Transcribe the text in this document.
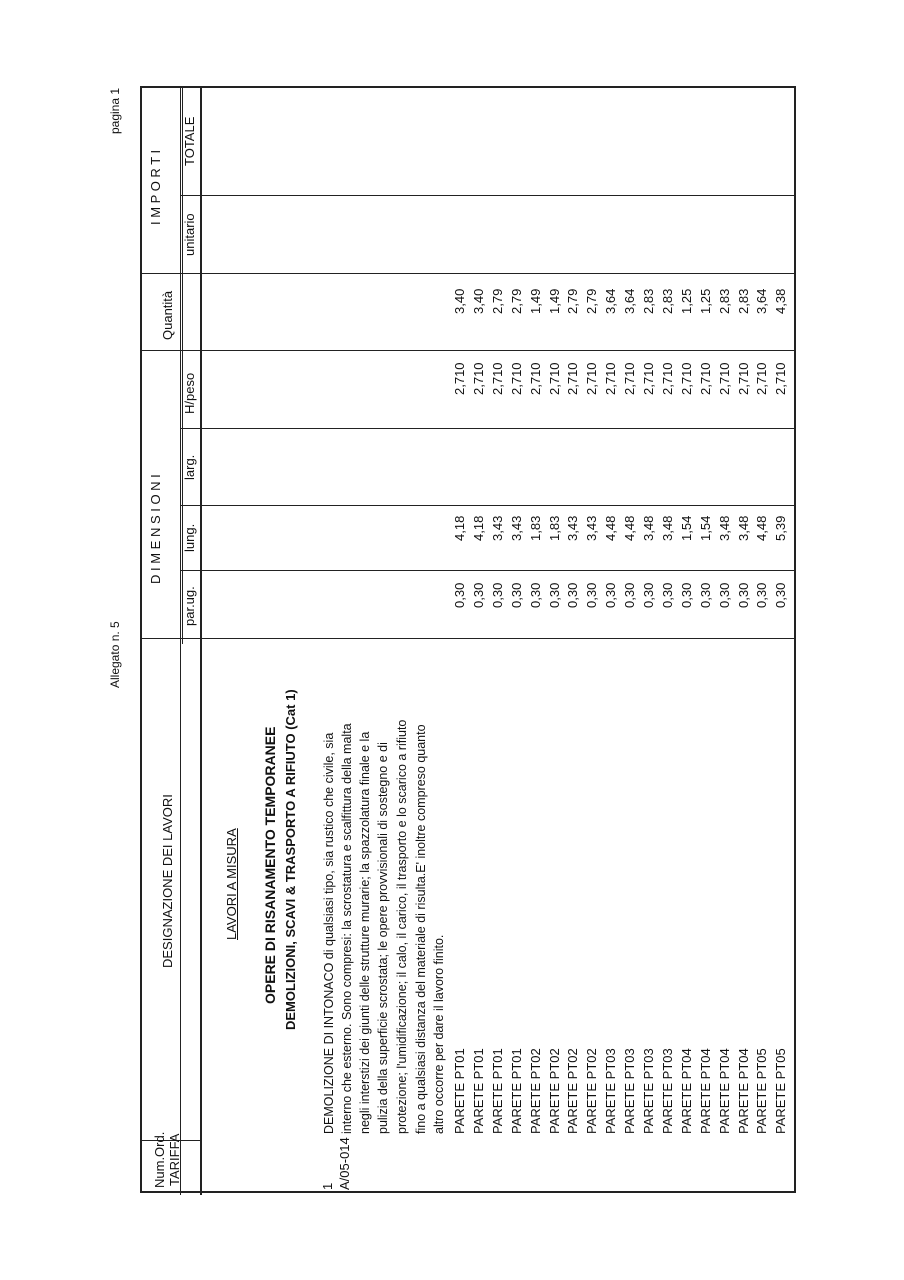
Allegato n. 5
pagina 1
Num.Ord. TARIFFA
DESIGNAZIONE DEI LAVORI
D I M E N S I O N I
par.ug.
lung.
larg.
H/peso
Quantità
I M P O R T I
unitario
TOTALE
LAVORI A MISURA OPERE DI RISANAMENTO TEMPORANEE DEMOLIZIONI, SCAVI & TRASPORTO A RIFIUTO (Cat 1)
1 A/05-014
DEMOLIZIONE DI INTONACO di qualsiasi tipo, sia rustico che civile, sia interno che esterno. Sono compresi: la scrostatura e scalfittura della malta negli interstizi dei giunti delle strutture murarie; la spazzolatura finale e la pulizia della superficie scrostata; le opere provvisionali di sostegno e di protezione; l'umidificazione; il calo, il carico, il trasporto e lo scarico a rifiuto fino a qualsiasi distanza del materiale di risulta.E' inoltre compreso quanto altro occorre per dare il lavoro finito. PARETE PT01
0,30
4,18
2,710
3,40
PARETE PT01
0,30
4,18
2,710
3,40
PARETE PT01
0,30
3,43
2,710
2,79
PARETE PT01
0,30
3,43
2,710
2,79
PARETE PT02
0,30
1,83
2,710
1,49
PARETE PT02
0,30
1,83
2,710
1,49
PARETE PT02
0,30
3,43
2,710
2,79
PARETE PT02
0,30
3,43
2,710
2,79
PARETE PT03
0,30
4,48
2,710
3,64
PARETE PT03
0,30
4,48
2,710
3,64
PARETE PT03
0,30
3,48
2,710
2,83
PARETE PT03
0,30
3,48
2,710
2,83
PARETE PT04
0,30
1,54
2,710
1,25
PARETE PT04
0,30
1,54
2,710
1,25
PARETE PT04
0,30
3,48
2,710
2,83
PARETE PT04
0,30
3,48
2,710
2,83
PARETE PT05
0,30
4,48
2,710
3,64
PARETE PT05
0,30
5,39
2,710
4,38
